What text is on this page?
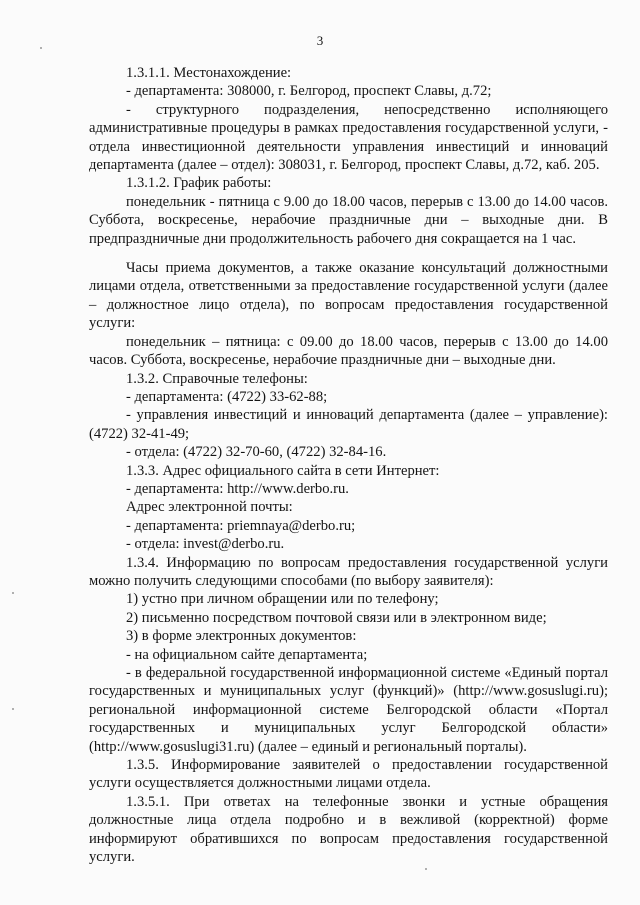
3

1.3.1.1. Местонахождение:

- департамента: 308000, г. Белгород, проспект Славы, д.72;

- структурного подразделения, непосредственно исполняющего административные процедуры в рамках предоставления государственной услуги, - отдела инвестиционной деятельности управления инвестиций и инноваций департамента (далее – отдел): 308031, г. Белгород, проспект Славы, д.72, каб. 205.

1.3.1.2. График работы:

понедельник - пятница с 9.00 до 18.00 часов, перерыв с 13.00 до 14.00 часов. Суббота, воскресенье, нерабочие праздничные дни – выходные дни. В предпраздничные дни продолжительность рабочего дня сокращается на 1 час.

Часы приема документов, а также оказание консультаций должностными лицами отдела, ответственными за предоставление государственной услуги (далее – должностное лицо отдела), по вопросам предоставления государственной услуги:

понедельник – пятница: с 09.00 до 18.00 часов, перерыв с 13.00 до 14.00 часов. Суббота, воскресенье, нерабочие праздничные дни – выходные дни.

1.3.2. Справочные телефоны:

- департамента: (4722) 33-62-88;

- управления инвестиций и инноваций департамента (далее – управление): (4722) 32-41-49;

- отдела: (4722) 32-70-60, (4722) 32-84-16.

1.3.3. Адрес официального сайта в сети Интернет:

- департамента: http://www.derbo.ru.

Адрес электронной почты:

- департамента: priemnaya@derbo.ru;

- отдела: invest@derbo.ru.

1.3.4. Информацию по вопросам предоставления государственной услуги можно получить следующими способами (по выбору заявителя):

1) устно при личном обращении или по телефону;

2) письменно посредством почтовой связи или в электронном виде;

3) в форме электронных документов:

- на официальном сайте департамента;

- в федеральной государственной информационной системе «Единый портал государственных и муниципальных услуг (функций)» (http://www.gosuslugi.ru); региональной информационной системе Белгородской области «Портал государственных и муниципальных услуг Белгородской области» (http://www.gosuslugi31.ru) (далее – единый и региональный порталы).

1.3.5. Информирование заявителей о предоставлении государственной услуги осуществляется должностными лицами отдела.

1.3.5.1. При ответах на телефонные звонки и устные обращения должностные лица отдела подробно и в вежливой (корректной) форме информируют обратившихся по вопросам предоставления государственной услуги.
